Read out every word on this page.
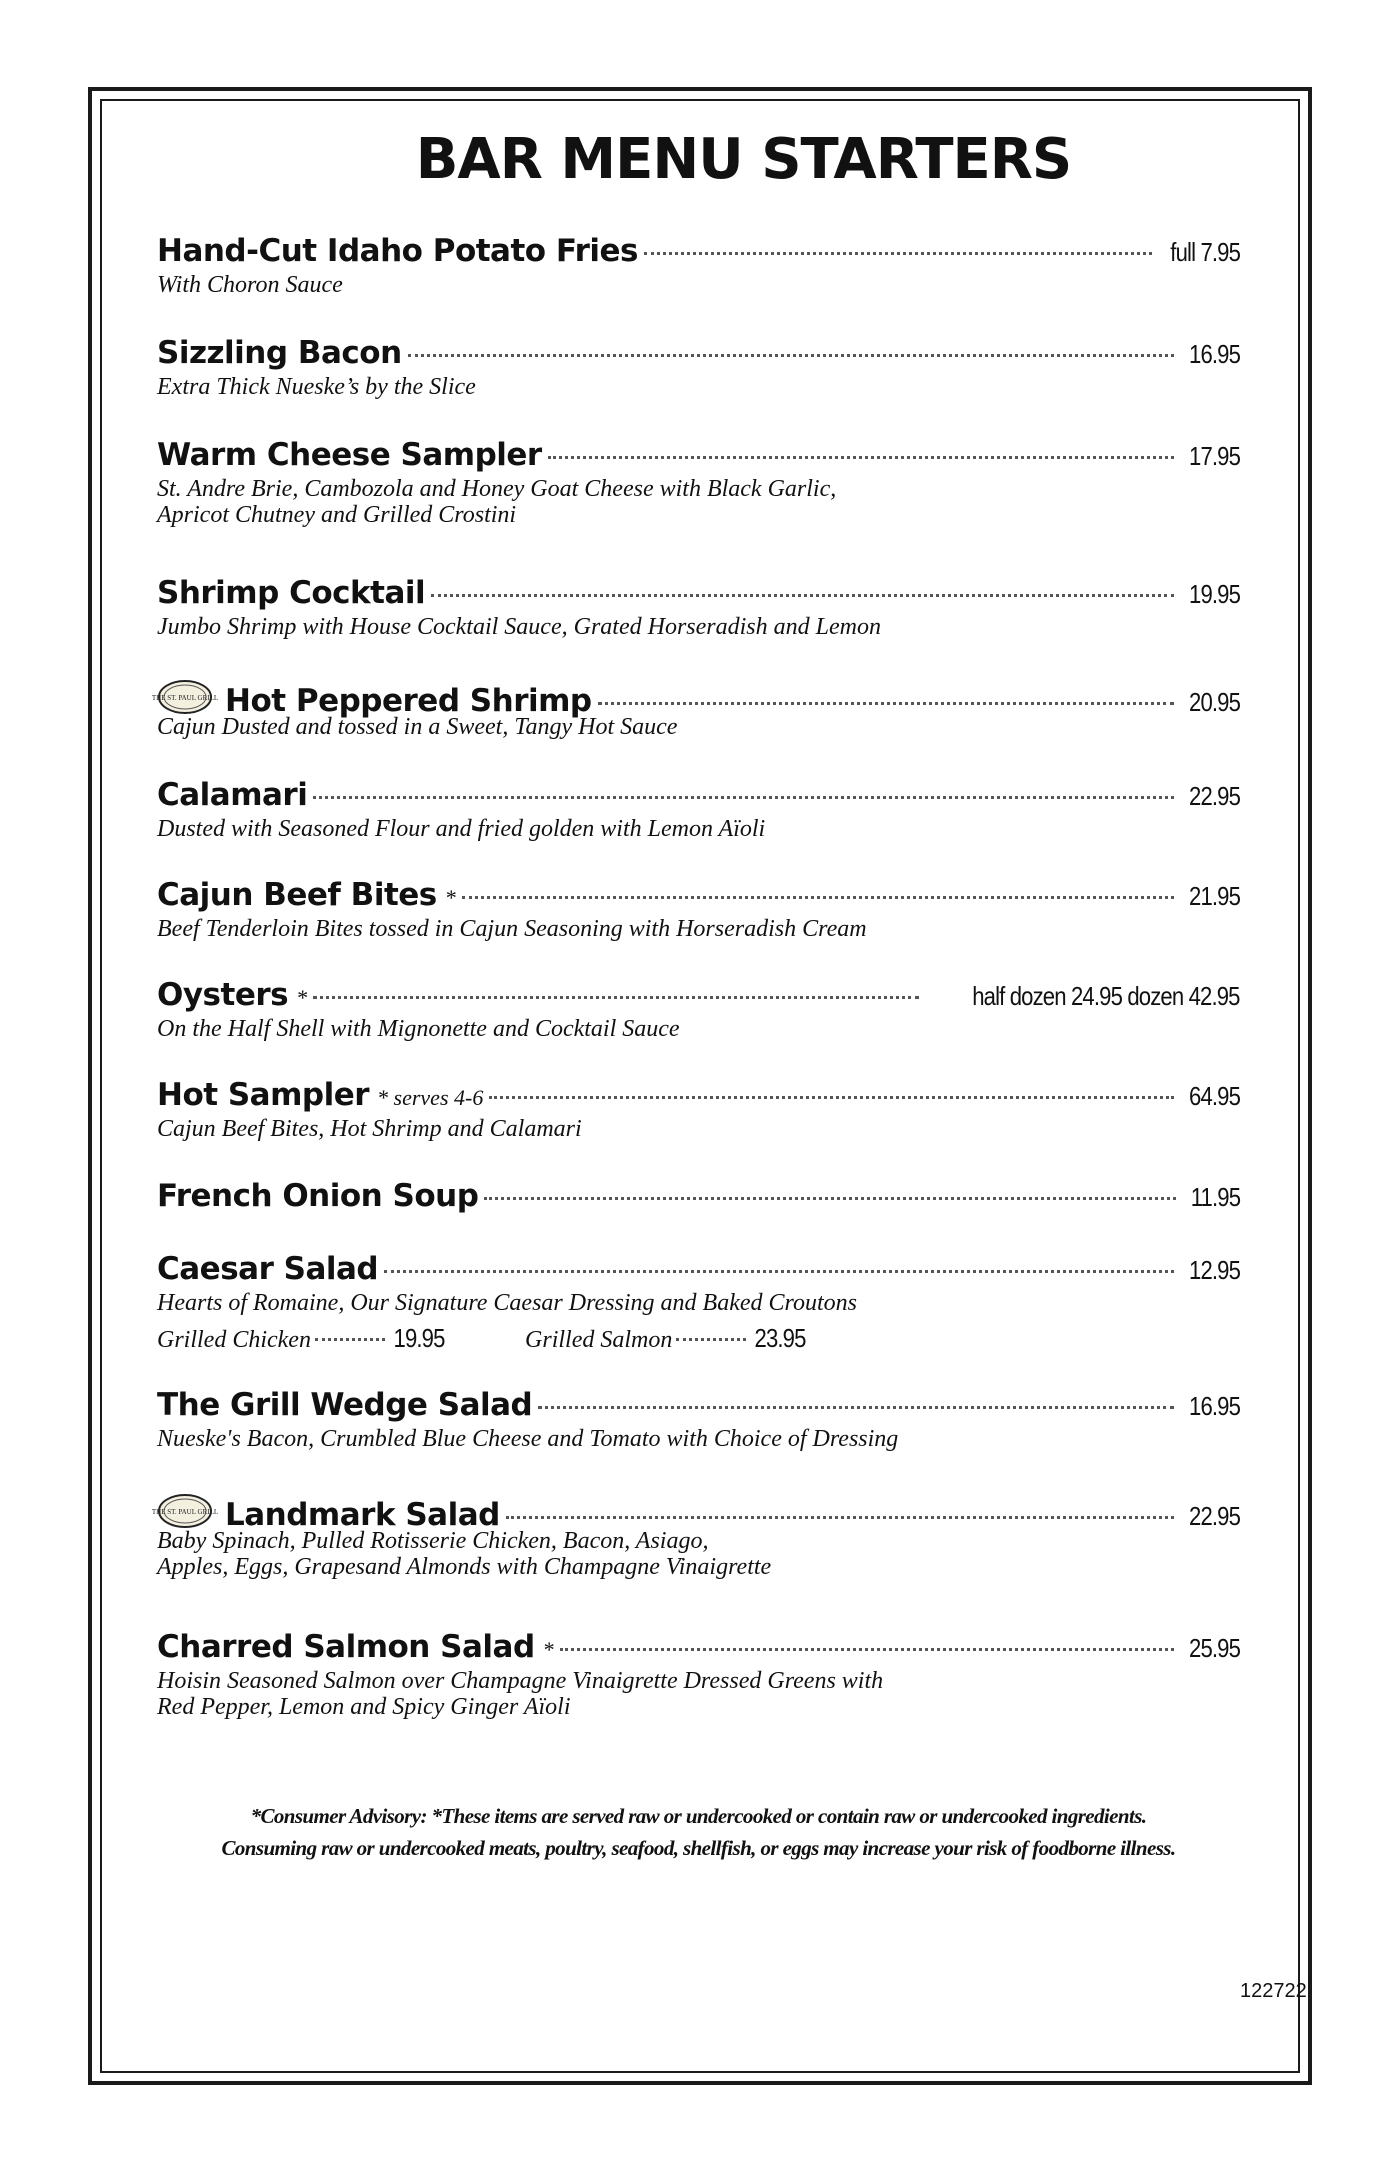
BAR MENU STARTERS
Hand-Cut Idaho Potato Fries	full 7.95
With Choron Sauce
Sizzling Bacon	16.95
Extra Thick Nueske’s by the Slice
Warm Cheese Sampler	17.95
St. Andre Brie, Cambozola and Honey Goat Cheese with Black Garlic,
Apricot Chutney and Grilled Crostini
Shrimp Cocktail	19.95
Jumbo Shrimp with House Cocktail Sauce, Grated Horseradish and Lemon
THE ST. PAUL GRILL Hot Peppered Shrimp	20.95
Cajun Dusted and tossed in a Sweet, Tangy Hot Sauce
Calamari	22.95
Dusted with Seasoned Flour and fried golden with Lemon Aïoli
Cajun Beef Bites *	21.95
Beef Tenderloin Bites tossed in Cajun Seasoning with Horseradish Cream
Oysters *	half dozen 24.95 dozen 42.95
On the Half Shell with Mignonette and Cocktail Sauce
Hot Sampler * serves 4-6	64.95
Cajun Beef Bites, Hot Shrimp and Calamari
French Onion Soup	11.95
Caesar Salad	12.95
Hearts of Romaine, Our Signature Caesar Dressing and Baked Croutons
Grilled Chicken	19.95	Grilled Salmon	23.95
The Grill Wedge Salad	16.95
Nueske's Bacon, Crumbled Blue Cheese and Tomato with Choice of Dressing
THE ST. PAUL GRILL Landmark Salad	22.95
Baby Spinach, Pulled Rotisserie Chicken, Bacon, Asiago,
Apples, Eggs, Grapesand Almonds with Champagne Vinaigrette
Charred Salmon Salad *	25.95
Hoisin Seasoned Salmon over Champagne Vinaigrette Dressed Greens with
Red Pepper, Lemon and Spicy Ginger Aïoli
*Consumer Advisory: *These items are served raw or undercooked or contain raw or undercooked ingredients.
Consuming raw or undercooked meats, poultry, seafood, shellfish, or eggs may increase your risk of foodborne illness.
122722
